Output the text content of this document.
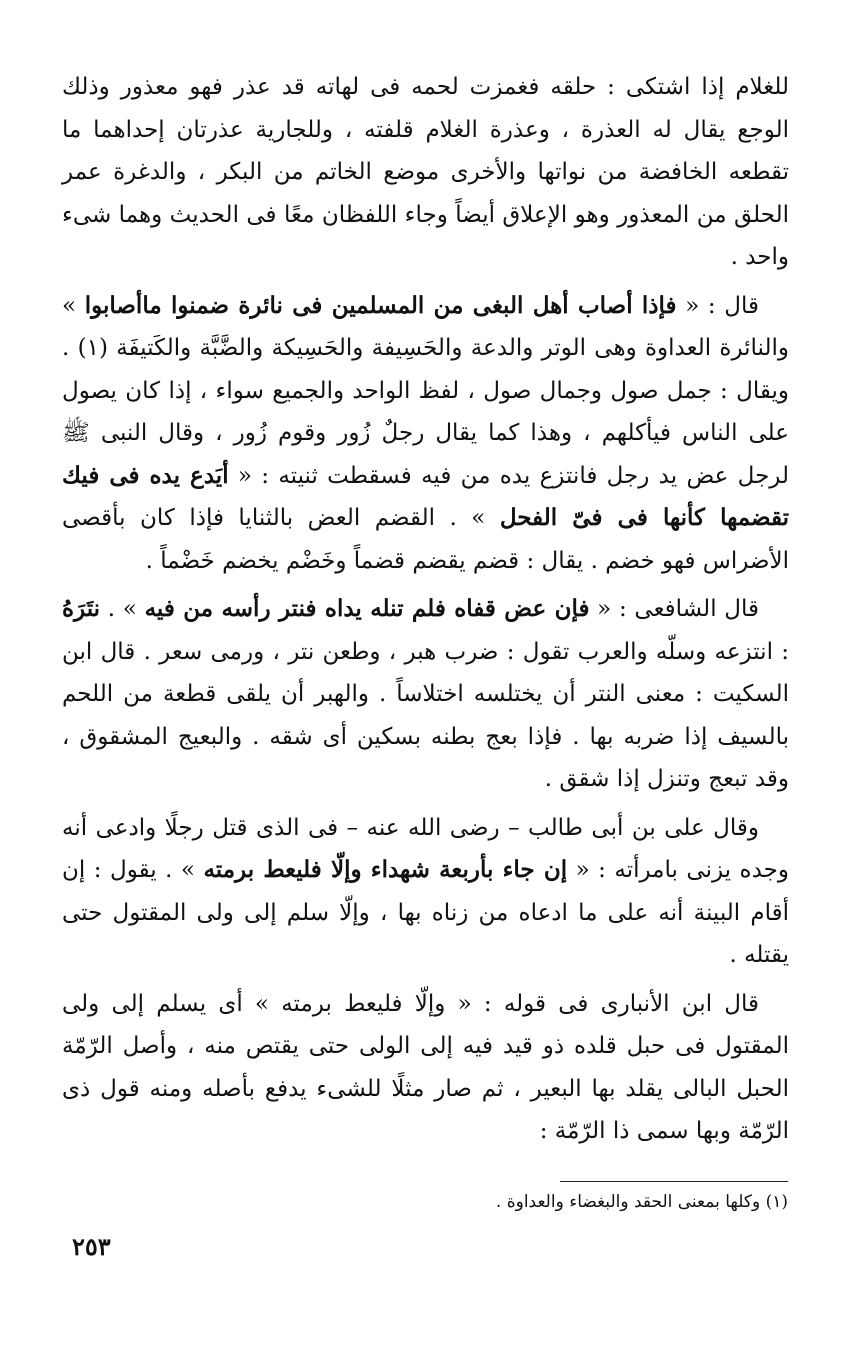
للغلام إذا اشتكى : حلقه فغمزت لحمه فى لهاته قد عذر فهو معذور وذلك الوجع يقال له العذرة ، وعذرة الغلام قلفته ، وللجارية عذرتان إحداهما ما تقطعه الخافضة من نواتها والأخرى موضع الخاتم من البكر ، والدغرة عمر الحلق من المعذور وهو الإعلاق أيضاً وجاء اللفظان معًا فى الحديث وهما شىء واحد .

قال : « فإذا أصاب أهل البغى من المسلمين فى نائرة ضمنوا ماأصابوا » والنائرة العداوة وهى الوتر والدعة والحَسِيفة والحَسِيكة والضَّبَّة والكَتيفَة (١) . ويقال : جمل صول وجمال صول ، لفظ الواحد والجميع سواء ، إذا كان يصول على الناس فيأكلهم ، وهذا كما يقال رجلٌ زُور وقوم زُور ، وقال النبى ﷺ لرجل عض يد رجل فانتزع يده من فيه فسقطت ثنيته : « أيَدع يده فى فيك تقضمها كأنها فى فىّ الفحل » . القضم العض بالثنايا فإذا كان بأقصى الأضراس فهو خضم . يقال : قضم يقضم قضماً وخَضْم يخضم خَضْماً .

قال الشافعى : « فإن عض قفاه فلم تنله يداه فنتر رأسه من فيه » . نتَرَهُ : انتزعه وسلّه والعرب تقول : ضرب هبر ، وطعن نتر ، ورمى سعر . قال ابن السكيت : معنى النتر أن يختلسه اختلاساً . والهبر أن يلقى قطعة من اللحم بالسيف إذا ضربه بها . فإذا بعج بطنه بسكين أى شقه . والبعيج المشقوق ، وقد تبعج وتنزل إذا شقق .

وقال على بن أبى طالب – رضى الله عنه – فى الذى قتل رجلًا وادعى أنه وجده يزنى بامرأته : « إن جاء بأربعة شهداء وإلّا فليعط برمته » . يقول : إن أقام البينة أنه على ما ادعاه من زناه بها ، وإلّا سلم إلى ولى المقتول حتى يقتله .

قال ابن الأنبارى فى قوله : « وإلّا فليعط برمته » أى يسلم إلى ولى المقتول فى حبل قلده ذو قيد فيه إلى الولى حتى يقتص منه ، وأصل الرّمّة الحبل البالى يقلد بها البعير ، ثم صار مثلًا للشىء يدفع بأصله ومنه قول ذى الرّمّة وبها سمى ذا الرّمّة :

(١) وكلها بمعنى الحقد والبغضاء والعداوة .
٢٥٣
